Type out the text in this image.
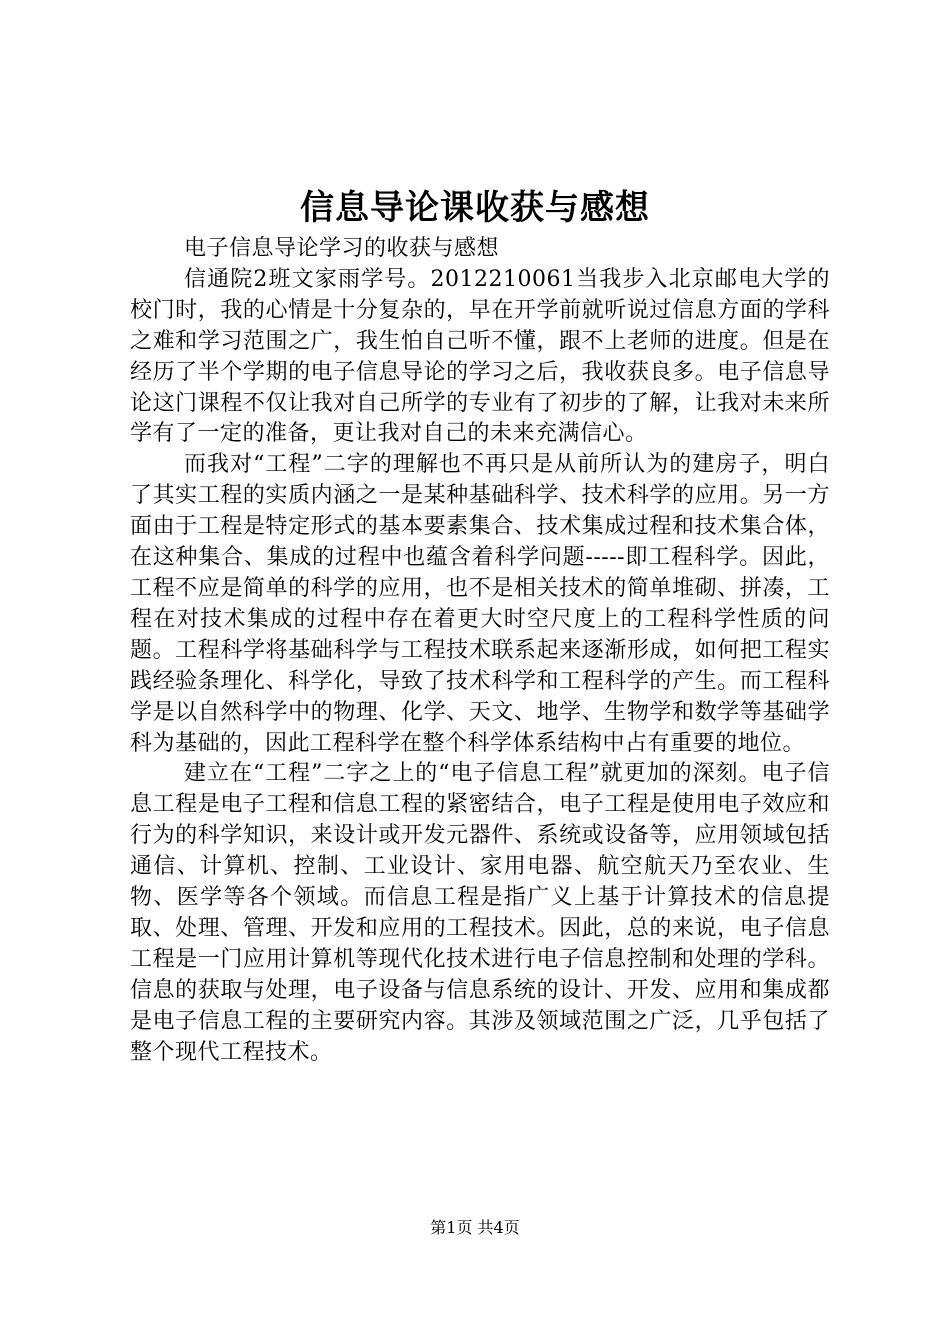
信息导论课收获与感想

电子信息导论学习的收获与感想

信通院2班文家雨学号。2012210061当我步入北京邮电大学的校门时，我的心情是十分复杂的，早在开学前就听说过信息方面的学科之难和学习范围之广，我生怕自己听不懂，跟不上老师的进度。但是在经历了半个学期的电子信息导论的学习之后，我收获良多。电子信息导论这门课程不仅让我对自己所学的专业有了初步的了解，让我对未来所学有了一定的准备，更让我对自己的未来充满信心。

而我对“工程”二字的理解也不再只是从前所认为的建房子，明白了其实工程的实质内涵之一是某种基础科学、技术科学的应用。另一方面由于工程是特定形式的基本要素集合、技术集成过程和技术集合体，在这种集合、集成的过程中也蕴含着科学问题-----即工程科学。因此，工程不应是简单的科学的应用，也不是相关技术的简单堆砌、拼凑，工程在对技术集成的过程中存在着更大时空尺度上的工程科学性质的问题。工程科学将基础科学与工程技术联系起来逐渐形成，如何把工程实践经验条理化、科学化，导致了技术科学和工程科学的产生。而工程科学是以自然科学中的物理、化学、天文、地学、生物学和数学等基础学科为基础的，因此工程科学在整个科学体系结构中占有重要的地位。

建立在“工程”二字之上的“电子信息工程”就更加的深刻。电子信息工程是电子工程和信息工程的紧密结合，电子工程是使用电子效应和行为的科学知识，来设计或开发元器件、系统或设备等，应用领域包括通信、计算机、控制、工业设计、家用电器、航空航天乃至农业、生物、医学等各个领域。而信息工程是指广义上基于计算技术的信息提取、处理、管理、开发和应用的工程技术。因此，总的来说，电子信息工程是一门应用计算机等现代化技术进行电子信息控制和处理的学科。信息的获取与处理，电子设备与信息系统的设计、开发、应用和集成都是电子信息工程的主要研究内容。其涉及领域范围之广泛，几乎包括了整个现代工程技术。

第1页 共4页
